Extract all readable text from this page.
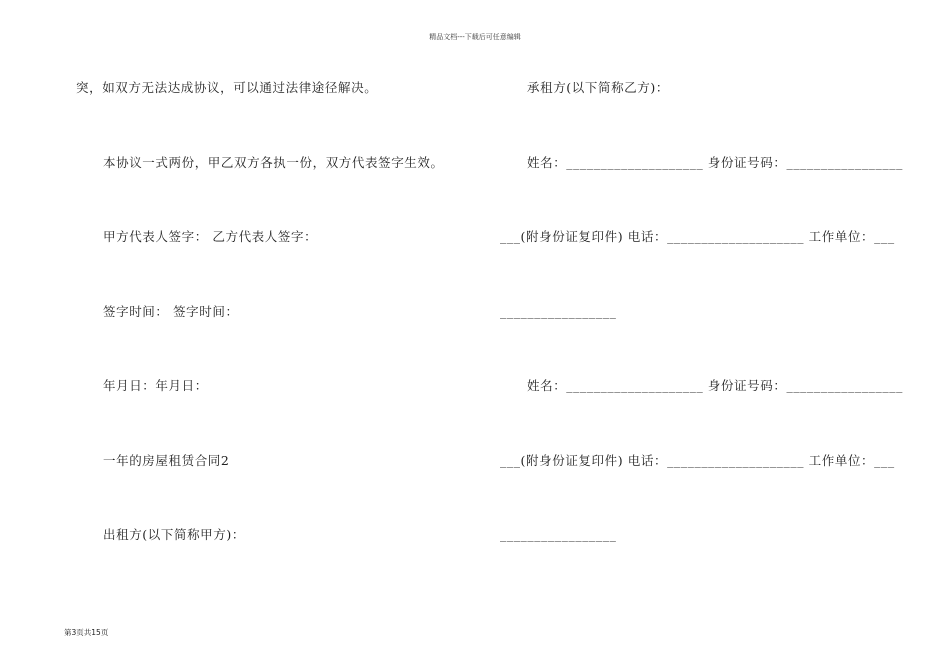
精品文档---下载后可任意编辑
突，如双方无法达成协议，可以通过法律途径解决。
本协议一式两份，甲乙双方各执一份，双方代表签字生效。
甲方代表人签字： 乙方代表人签字：
签字时间： 签字时间：
年月日：年月日：
一年的房屋租赁合同2
出租方(以下简称甲方)：
承租方(以下简称乙方)：
姓名：____________________ 身份证号码：_________________
___(附身份证复印件) 电话：____________________ 工作单位：___
_________________
姓名：____________________ 身份证号码：_________________
___(附身份证复印件) 电话：____________________ 工作单位：___
_________________
第3页共15页
